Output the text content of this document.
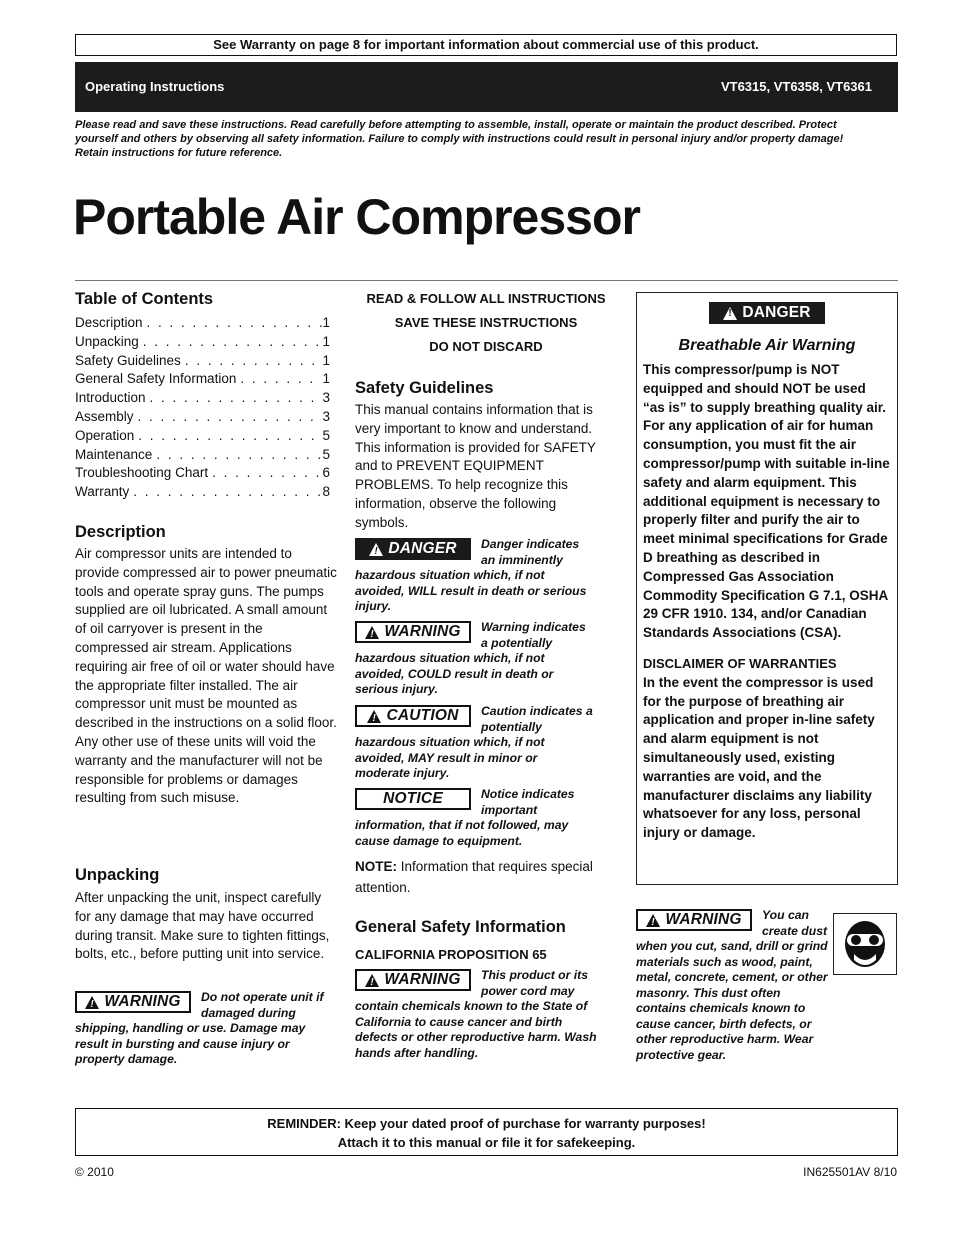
See Warranty on page 8 for important information about commercial use of this product.
Operating Instructions	VT6315, VT6358, VT6361
Please read and save these instructions. Read carefully before attempting to assemble, install, operate or maintain the product described. Protect yourself and others by observing all safety information. Failure to comply with instructions could result in personal injury and/or property damage! Retain instructions for future reference.
Portable Air Compressor
Table of Contents
Description . . .	1
Unpacking . . .	1
Safety Guidelines . . .	1
General Safety Information . . .	1
Introduction . . .	3
Assembly . . .	3
Operation . . .	5
Maintenance . . .	5
Troubleshooting Chart . . .	6
Warranty . . .	8
Description
Air compressor units are intended to provide compressed air to power pneumatic tools and operate spray guns. The pumps supplied are oil lubricated. A small amount of oil carryover is present in the compressed air stream. Applications requiring air free of oil or water should have the appropriate filter installed. The air compressor unit must be mounted as described in the instructions on a solid floor. Any other use of these units will void the warranty and the manufacturer will not be responsible for problems or damages resulting from such misuse.
Unpacking
After unpacking the unit, inspect carefully for any damage that may have occurred during transit. Make sure to tighten fittings, bolts, etc., before putting unit into service.
!
WARNING Do not operate unit if damaged during shipping, handling or use. Damage may result in bursting and cause injury or property damage.
READ & FOLLOW ALL INSTRUCTIONS
SAVE THESE INSTRUCTIONS
DO NOT DISCARD
Safety Guidelines
This manual contains information that is very important to know and understand. This information is provided for SAFETY and to PREVENT EQUIPMENT PROBLEMS. To help recognize this information, observe the following symbols.
!
DANGER Danger indicates an imminently hazardous situation which, if not avoided, WILL result in death or serious injury.
!
WARNING Warning indicates a potentially hazardous situation which, if not avoided, COULD result in death or serious injury.
!
CAUTION Caution indicates a potentially hazardous situation which, if not avoided, MAY result in minor or moderate injury.
NOTICE	Notice indicates important information, that if not followed, may cause damage to equipment.
NOTE: Information that requires special attention.
General Safety Information
CALIFORNIA PROPOSITION 65
!
WARNING This product or its power cord may contain chemicals known to the State of California to cause cancer and birth defects or other reproductive harm. Wash hands after handling.
!
DANGER
Breathable Air Warning
This compressor/pump is NOT equipped and should NOT be used “as is” to supply breathing quality air. For any application of air for human consumption, you must fit the air compressor/pump with suitable in-line safety and alarm equipment. This additional equipment is necessary to properly filter and purify the air to meet minimal specifications for Grade D breathing as described in Compressed Gas Association Commodity Specification G 7.1, OSHA 29 CFR 1910. 134, and/or Canadian Standards Associations (CSA).
DISCLAIMER OF WARRANTIES
In the event the compressor is used for the purpose of breathing air application and proper in-line safety and alarm equipment is not simultaneously used, existing warranties are void, and the manufacturer disclaims any liability whatsoever for any loss, personal injury or damage.
!
WARNING You can create dust when you cut, sand, drill or grind materials such as wood, paint, metal, concrete, cement, or other masonry. This dust often contains chemicals known to cause cancer, birth defects, or other reproductive harm. Wear protective gear.
REMINDER: Keep your dated proof of purchase for warranty purposes!
Attach it to this manual or file it for safekeeping.
© 2010	IN625501AV 8/10
